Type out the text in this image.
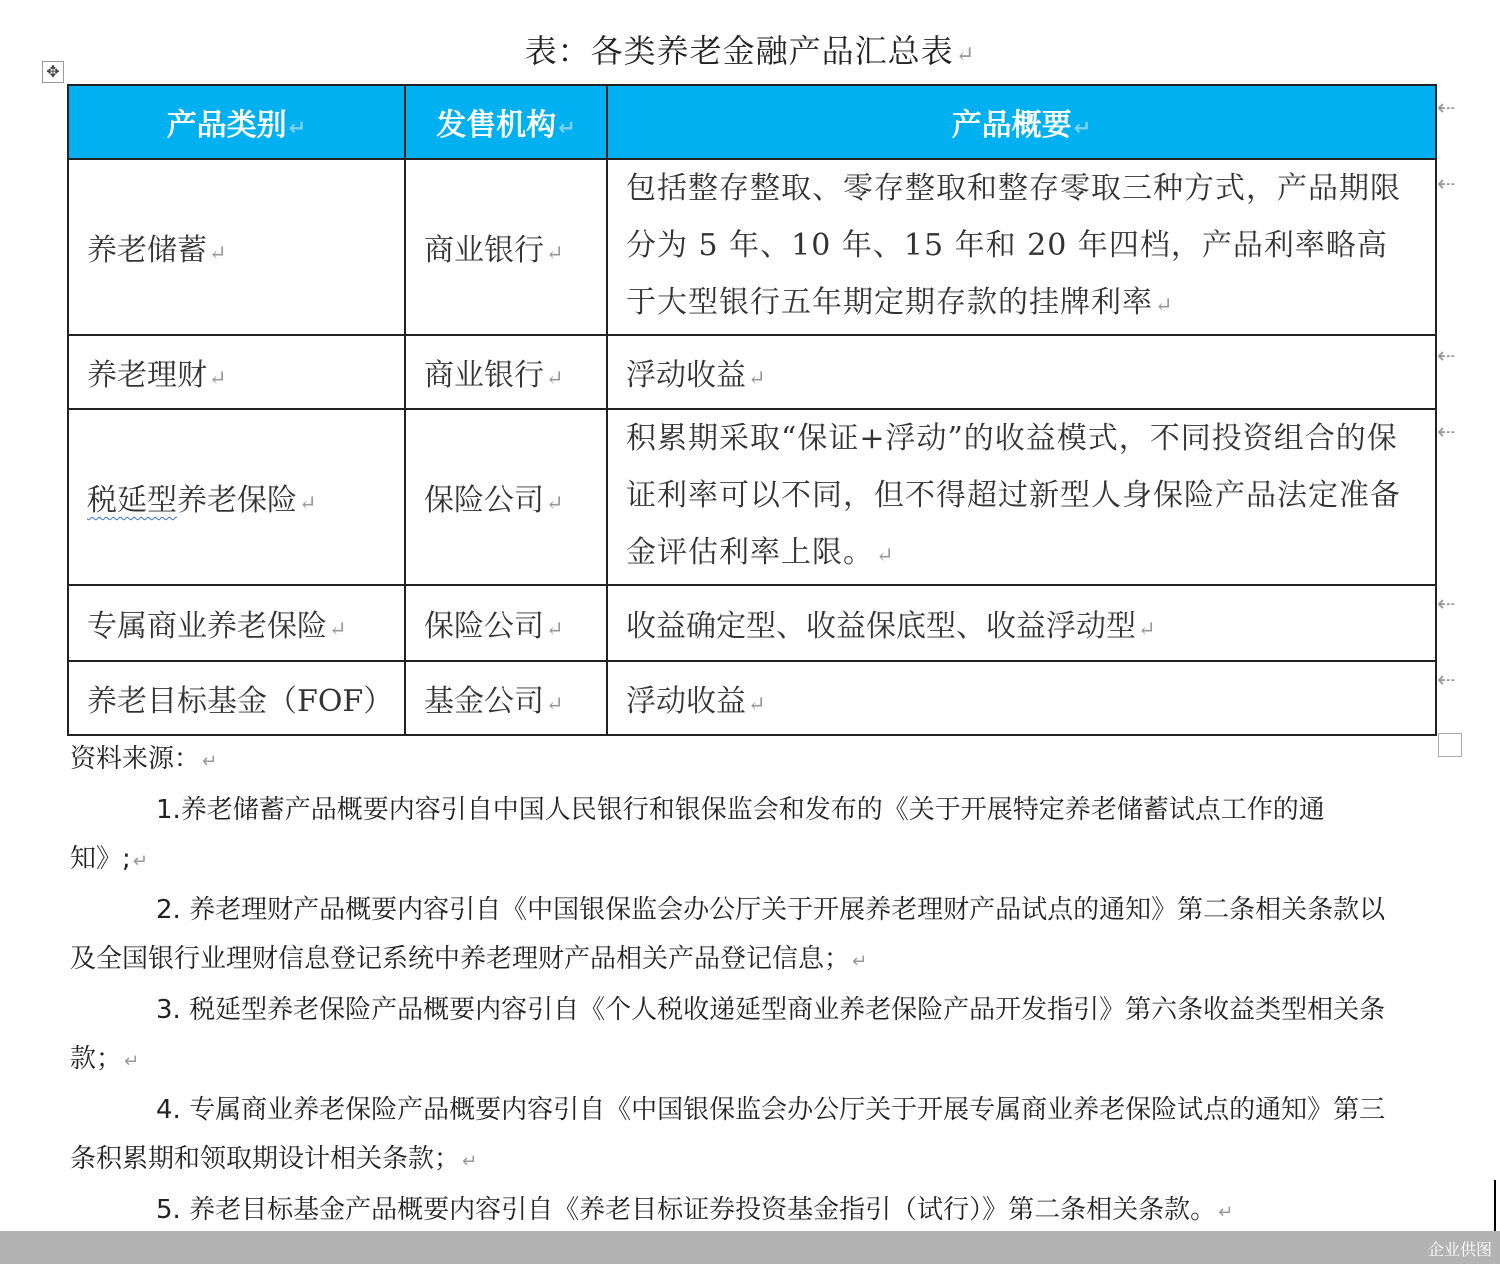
表：各类养老金融产品汇总表↵
✥
产品类别↵	发售机构↵	产品概要↵
养老储蓄↵	商业银行↵	包括整存整取、零存整取和整存零取三种方式，产品期限分为 5 年、10 年、15 年和 20 年四档，产品利率略高于大型银行五年期定期存款的挂牌利率↵
养老理财↵	商业银行↵	浮动收益↵
税延型养老保险↵	保险公司↵	积累期采取“保证+浮动”的收益模式，不同投资组合的保证利率可以不同，但不得超过新型人身保险产品法定准备金评估利率上限。↵
专属商业养老保险↵	保险公司↵	收益确定型、收益保底型、收益浮动型↵
养老目标基金（FOF）	基金公司↵	浮动收益↵
⇠
⇠
⇠
⇠
⇠
⇠

资料来源： ↵

1.养老储蓄产品概要内容引自中国人民银行和银保监会和发布的《关于开展特定养老储蓄试点工作的通知》; ↵

2. 养老理财产品概要内容引自《中国银保监会办公厅关于开展养老理财产品试点的通知》第二条相关条款以及全国银行业理财信息登记系统中养老理财产品相关产品登记信息； ↵

3. 税延型养老保险产品概要内容引自《个人税收递延型商业养老保险产品开发指引》第六条收益类型相关条款； ↵

4. 专属商业养老保险产品概要内容引自《中国银保监会办公厅关于开展专属商业养老保险试点的通知》第三条积累期和领取期设计相关条款； ↵

5. 养老目标基金产品概要内容引自《养老目标证券投资基金指引（试行）》第二条相关条款。 ↵

企业供图
